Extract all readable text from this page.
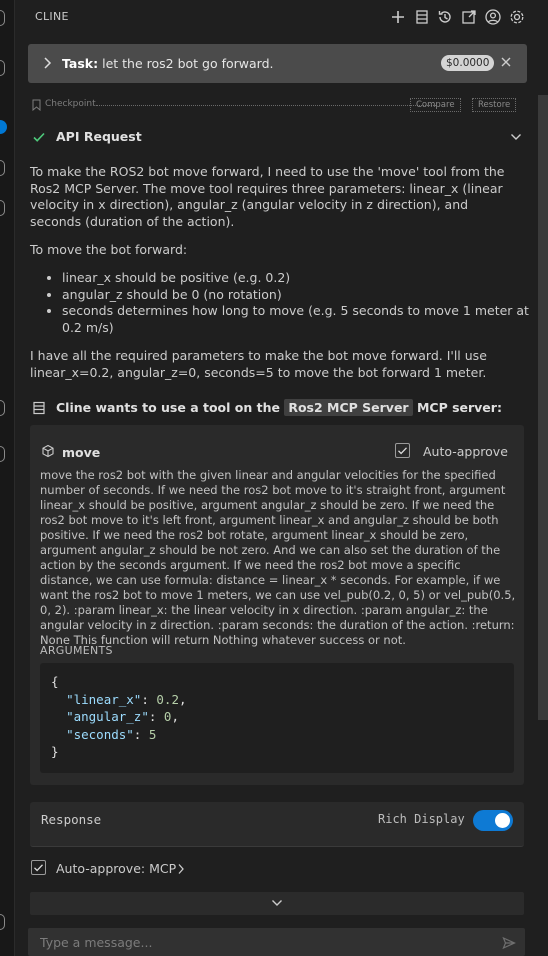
CLINE
Task: let the ros2 bot go forward.	$0.0000
Checkpoint	Compare	Restore
API Request

To make the ROS2 bot move forward, I need to use the 'move' tool from the Ros2 MCP Server. The move tool requires three parameters: linear_x (linear velocity in x direction), angular_z (angular velocity in z direction), and seconds (duration of the action).

To move the bot forward:

• linear_x should be positive (e.g. 0.2)
• angular_z should be 0 (no rotation)
• seconds determines how long to move (e.g. 5 seconds to move 1 meter at 0.2 m/s)

I have all the required parameters to make the bot move forward. I'll use linear_x=0.2, angular_z=0, seconds=5 to move the bot forward 1 meter.

Cline wants to use a tool on the Ros2 MCP Server MCP server:
move	Auto-approve

move the ros2 bot with the given linear and angular velocities for the specified number of seconds. If we need the ros2 bot move to it's straight front, argument linear_x should be positive, argument angular_z should be zero. If we need the ros2 bot move to it's left front, argument linear_x and angular_z should be both positive. If we need the ros2 bot rotate, argument linear_x should be zero, argument angular_z should be not zero. And we can also set the duration of the action by the seconds argument. If we need the ros2 bot move a specific distance, we can use formula: distance = linear_x * seconds. For example, if we want the ros2 bot to move 1 meters, we can use vel_pub(0.2, 0, 5) or vel_pub(0.5, 0, 2). :param linear_x: the linear velocity in x direction. :param angular_z: the angular velocity in z direction. :param seconds: the duration of the action. :return: None This function will return Nothing whatever success or not.

ARGUMENTS
{
"linear_x": 0.2,
"angular_z": 0,
"seconds": 5
}
Response	Rich Display
Auto-approve: MCP
Type a message...
